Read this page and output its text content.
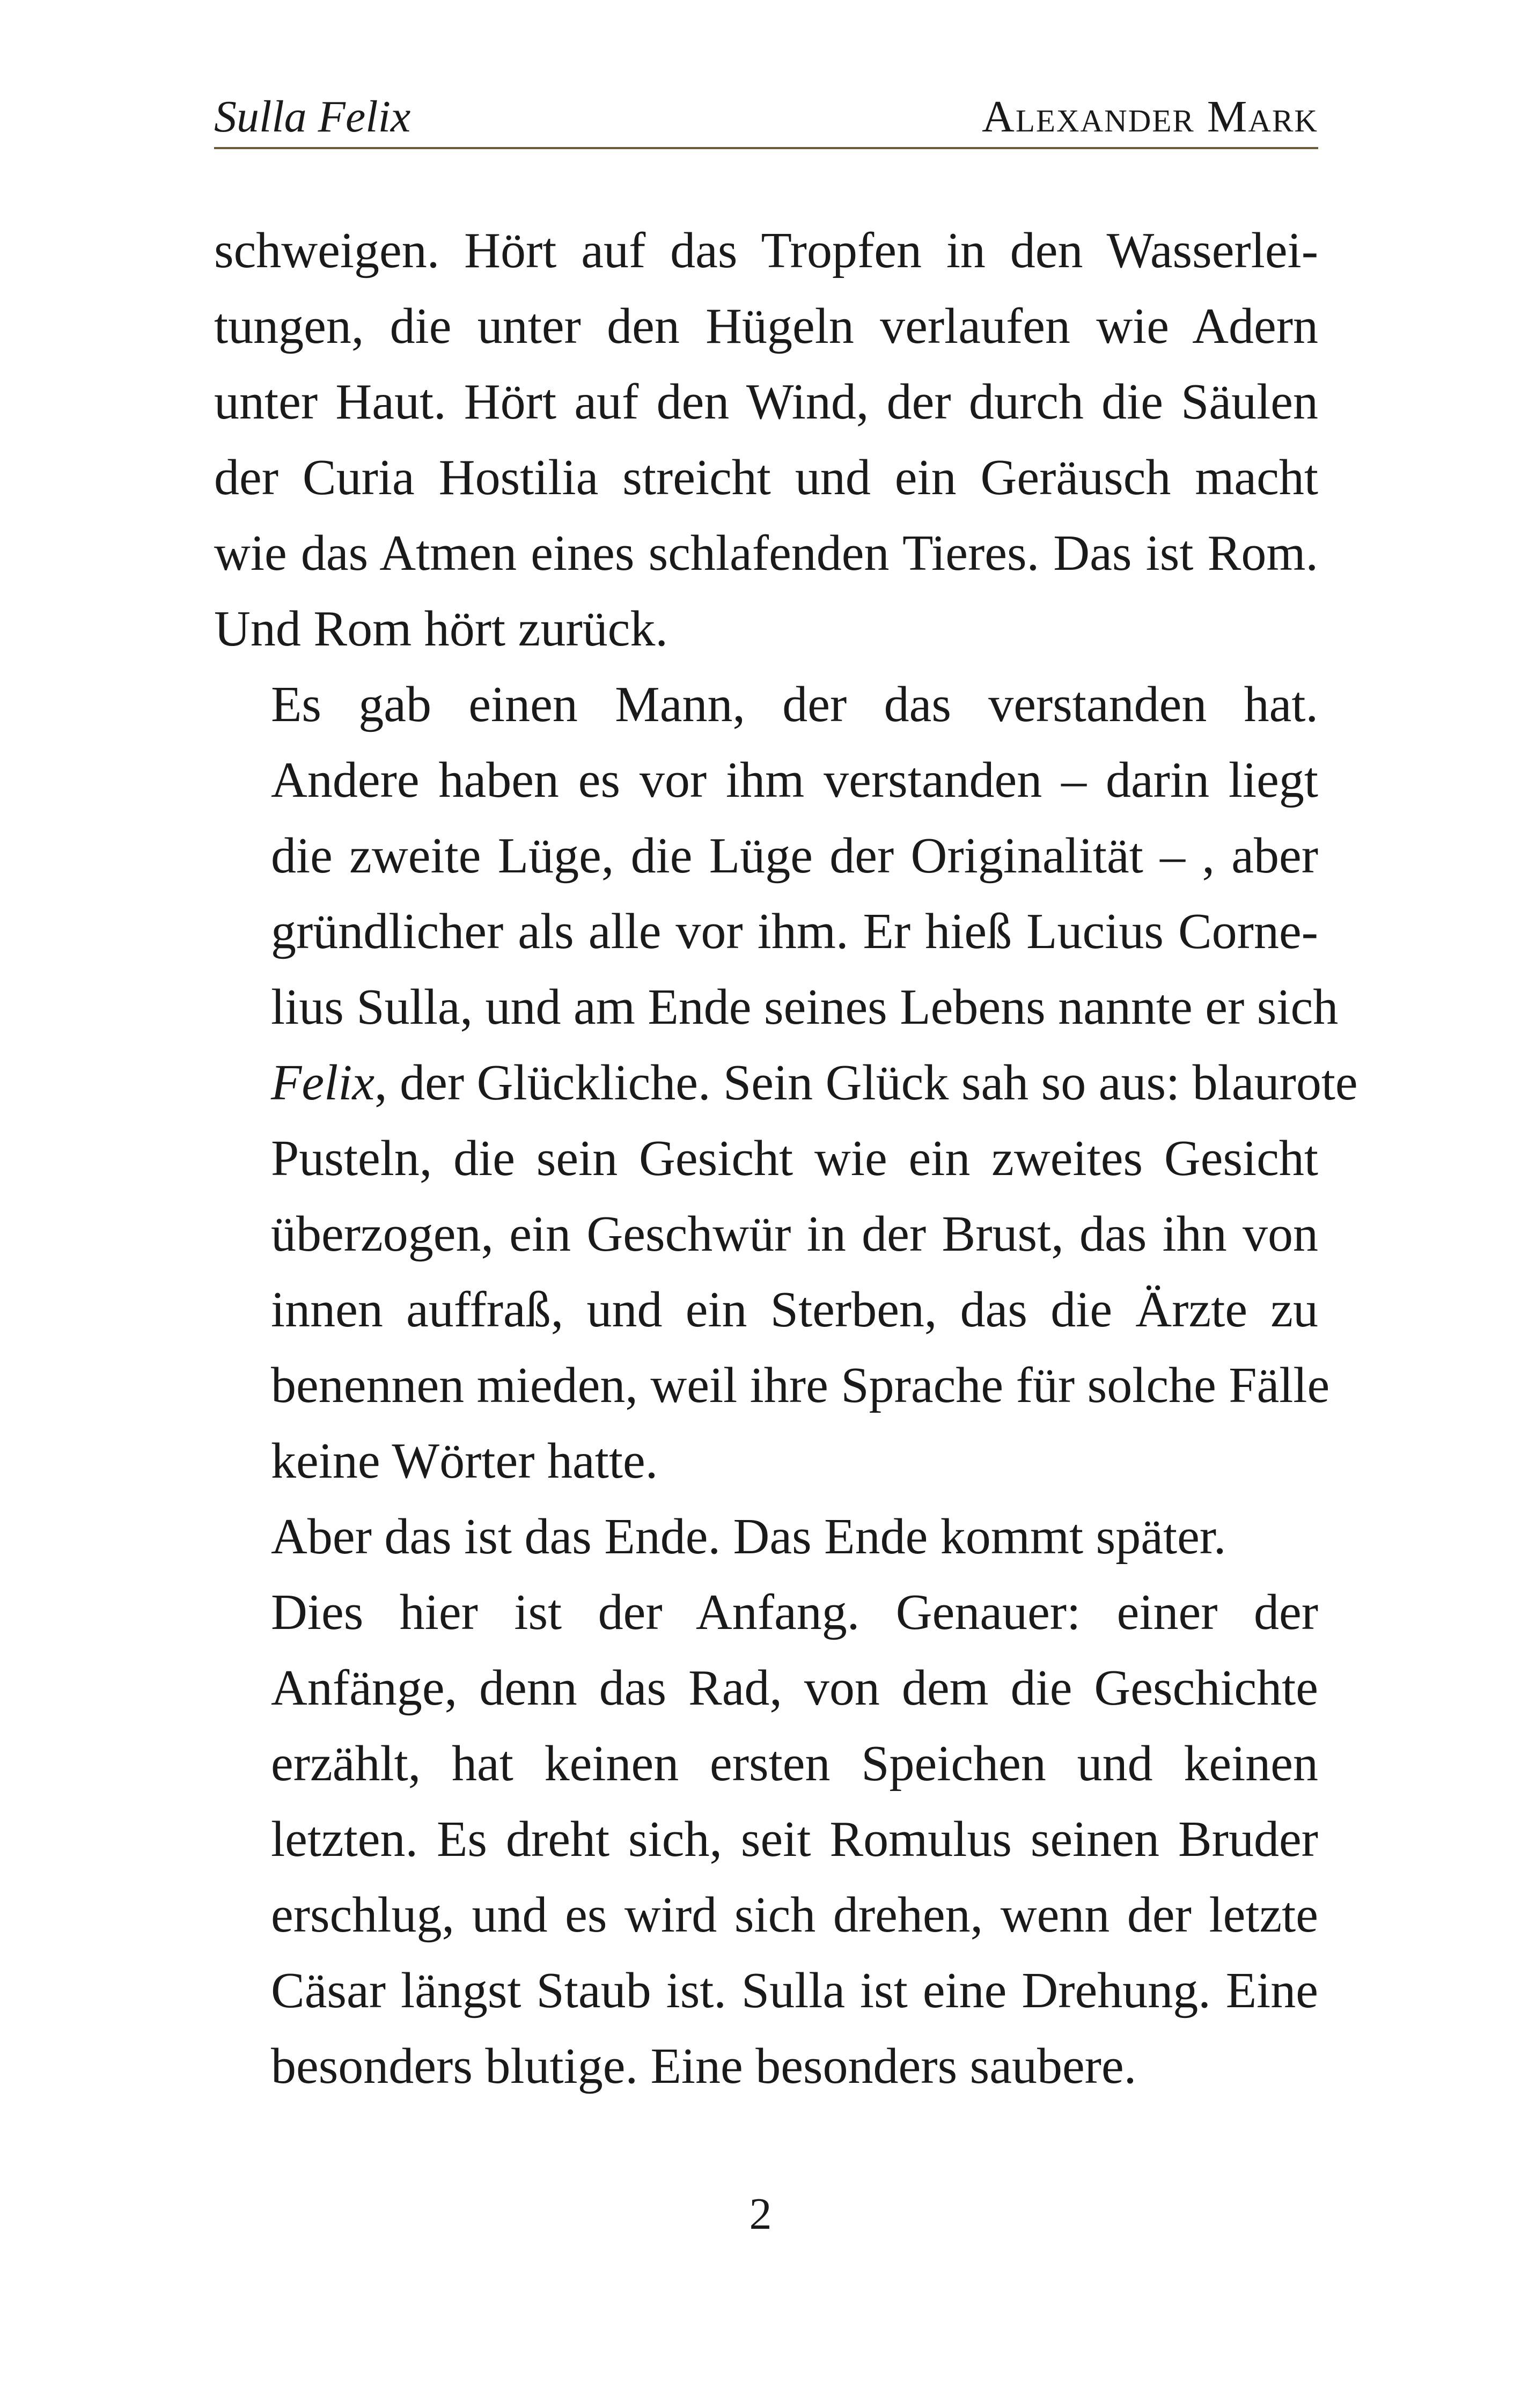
Sulla Felix	Alexander Mark

schweigen. Hört auf das Tropfen in den Wasserlei-
tungen, die unter den Hügeln verlaufen wie Adern
unter Haut. Hört auf den Wind, der durch die Säulen
der Curia Hostilia streicht und ein Geräusch macht
wie das Atmen eines schlafenden Tieres. Das ist Rom.
Und Rom hört zurück.

Es gab einen Mann, der das verstanden hat.
Andere haben es vor ihm verstanden – darin liegt
die zweite Lüge, die Lüge der Originalität – , aber
gründlicher als alle vor ihm. Er hieß Lucius Corne-
lius Sulla, und am Ende seines Lebens nannte er sich
Felix, der Glückliche. Sein Glück sah so aus: blaurote
Pusteln, die sein Gesicht wie ein zweites Gesicht
überzogen, ein Geschwür in der Brust, das ihn von
innen auffraß, und ein Sterben, das die Ärzte zu
benennen mieden, weil ihre Sprache für solche Fälle
keine Wörter hatte.

Aber das ist das Ende. Das Ende kommt später.

Dies hier ist der Anfang. Genauer: einer der
Anfänge, denn das Rad, von dem die Geschichte
erzählt, hat keinen ersten Speichen und keinen
letzten. Es dreht sich, seit Romulus seinen Bruder
erschlug, und es wird sich drehen, wenn der letzte
Cäsar längst Staub ist. Sulla ist eine Drehung. Eine
besonders blutige. Eine besonders saubere.

2
